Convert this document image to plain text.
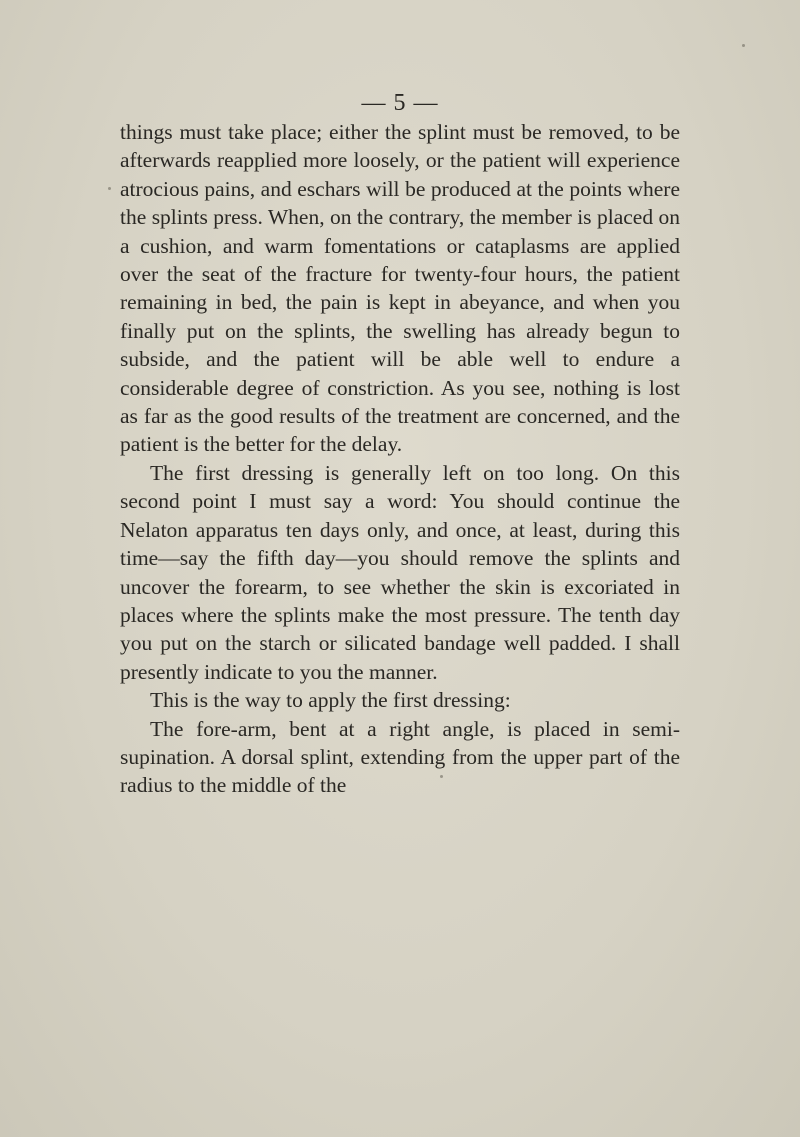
— 5 —

things must take place; either the splint must be removed, to be afterwards reapplied more loosely, or the patient will experience atrocious pains, and eschars will be produced at the points where the splints press. When, on the contrary, the member is placed on a cushion, and warm fomentations or cataplasms are applied over the seat of the fracture for twenty-four hours, the patient remaining in bed, the pain is kept in abeyance, and when you finally put on the splints, the swelling has already begun to subside, and the patient will be able well to endure a considerable degree of constriction. As you see, nothing is lost as far as the good results of the treatment are concerned, and the patient is the better for the delay.

The first dressing is generally left on too long. On this second point I must say a word: You should continue the Nelaton apparatus ten days only, and once, at least, during this time—say the fifth day—you should remove the splints and uncover the forearm, to see whether the skin is excoriated in places where the splints make the most pressure. The tenth day you put on the starch or silicated bandage well padded. I shall presently indicate to you the manner.

This is the way to apply the first dressing:

The fore-arm, bent at a right angle, is placed in semi-supination. A dorsal splint, extending from the upper part of the radius to the middle of the
